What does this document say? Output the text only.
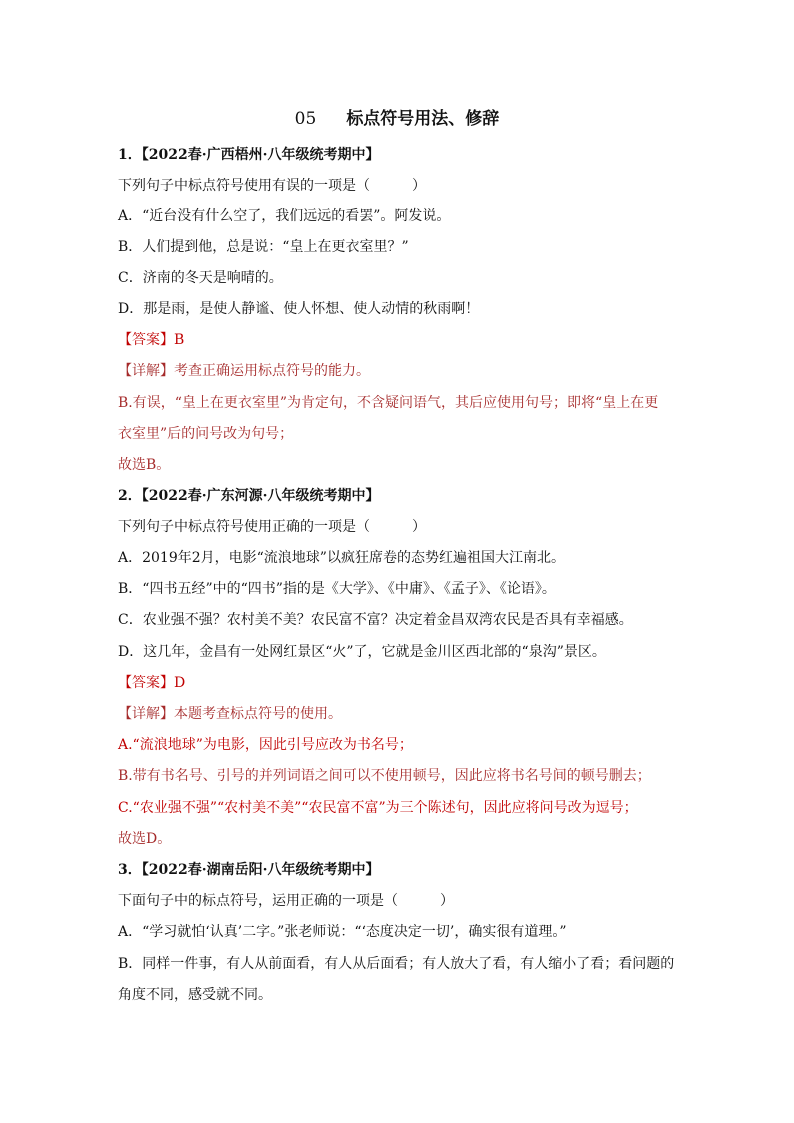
05 标点符号用法、修辞
1．【2022春·广西梧州·八年级统考期中】
下列句子中标点符号使用有误的一项是（　　　）
A．“近台没有什么空了，我们远远的看罢”。阿发说。
B．人们提到他，总是说：“皇上在更衣室里？”
C．济南的冬天是响晴的。
D．那是雨，是使人静谧、使人怀想、使人动情的秋雨啊！
【答案】B
【详解】考查正确运用标点符号的能力。
B.有误，“皇上在更衣室里”为肯定句，不含疑问语气，其后应使用句号；即将“皇上在更
衣室里”后的问号改为句号；
故选B。
2．【2022春·广东河源·八年级统考期中】
下列句子中标点符号使用正确的一项是（　　　）
A．2019年2月，电影“流浪地球”以疯狂席卷的态势红遍祖国大江南北。
B．“四书五经”中的“四书”指的是《大学》、《中庸》、《孟子》、《论语》。
C．农业强不强？农村美不美？农民富不富？决定着金昌双湾农民是否具有幸福感。
D．这几年，金昌有一处网红景区“火”了，它就是金川区西北部的“泉沟”景区。
【答案】D
【详解】本题考查标点符号的使用。
A.“流浪地球”为电影，因此引号应改为书名号；
B.带有书名号、引号的并列词语之间可以不使用顿号，因此应将书名号间的顿号删去；
C.“农业强不强”“农村美不美”“农民富不富”为三个陈述句，因此应将问号改为逗号；
故选D。
3．【2022春·湖南岳阳·八年级统考期中】
下面句子中的标点符号，运用正确的一项是（　　　）
A．“学习就怕‘认真’二字。”张老师说：“‘态度决定一切’，确实很有道理。”
B．同样一件事，有人从前面看，有人从后面看；有人放大了看，有人缩小了看；看问题的
角度不同，感受就不同。
